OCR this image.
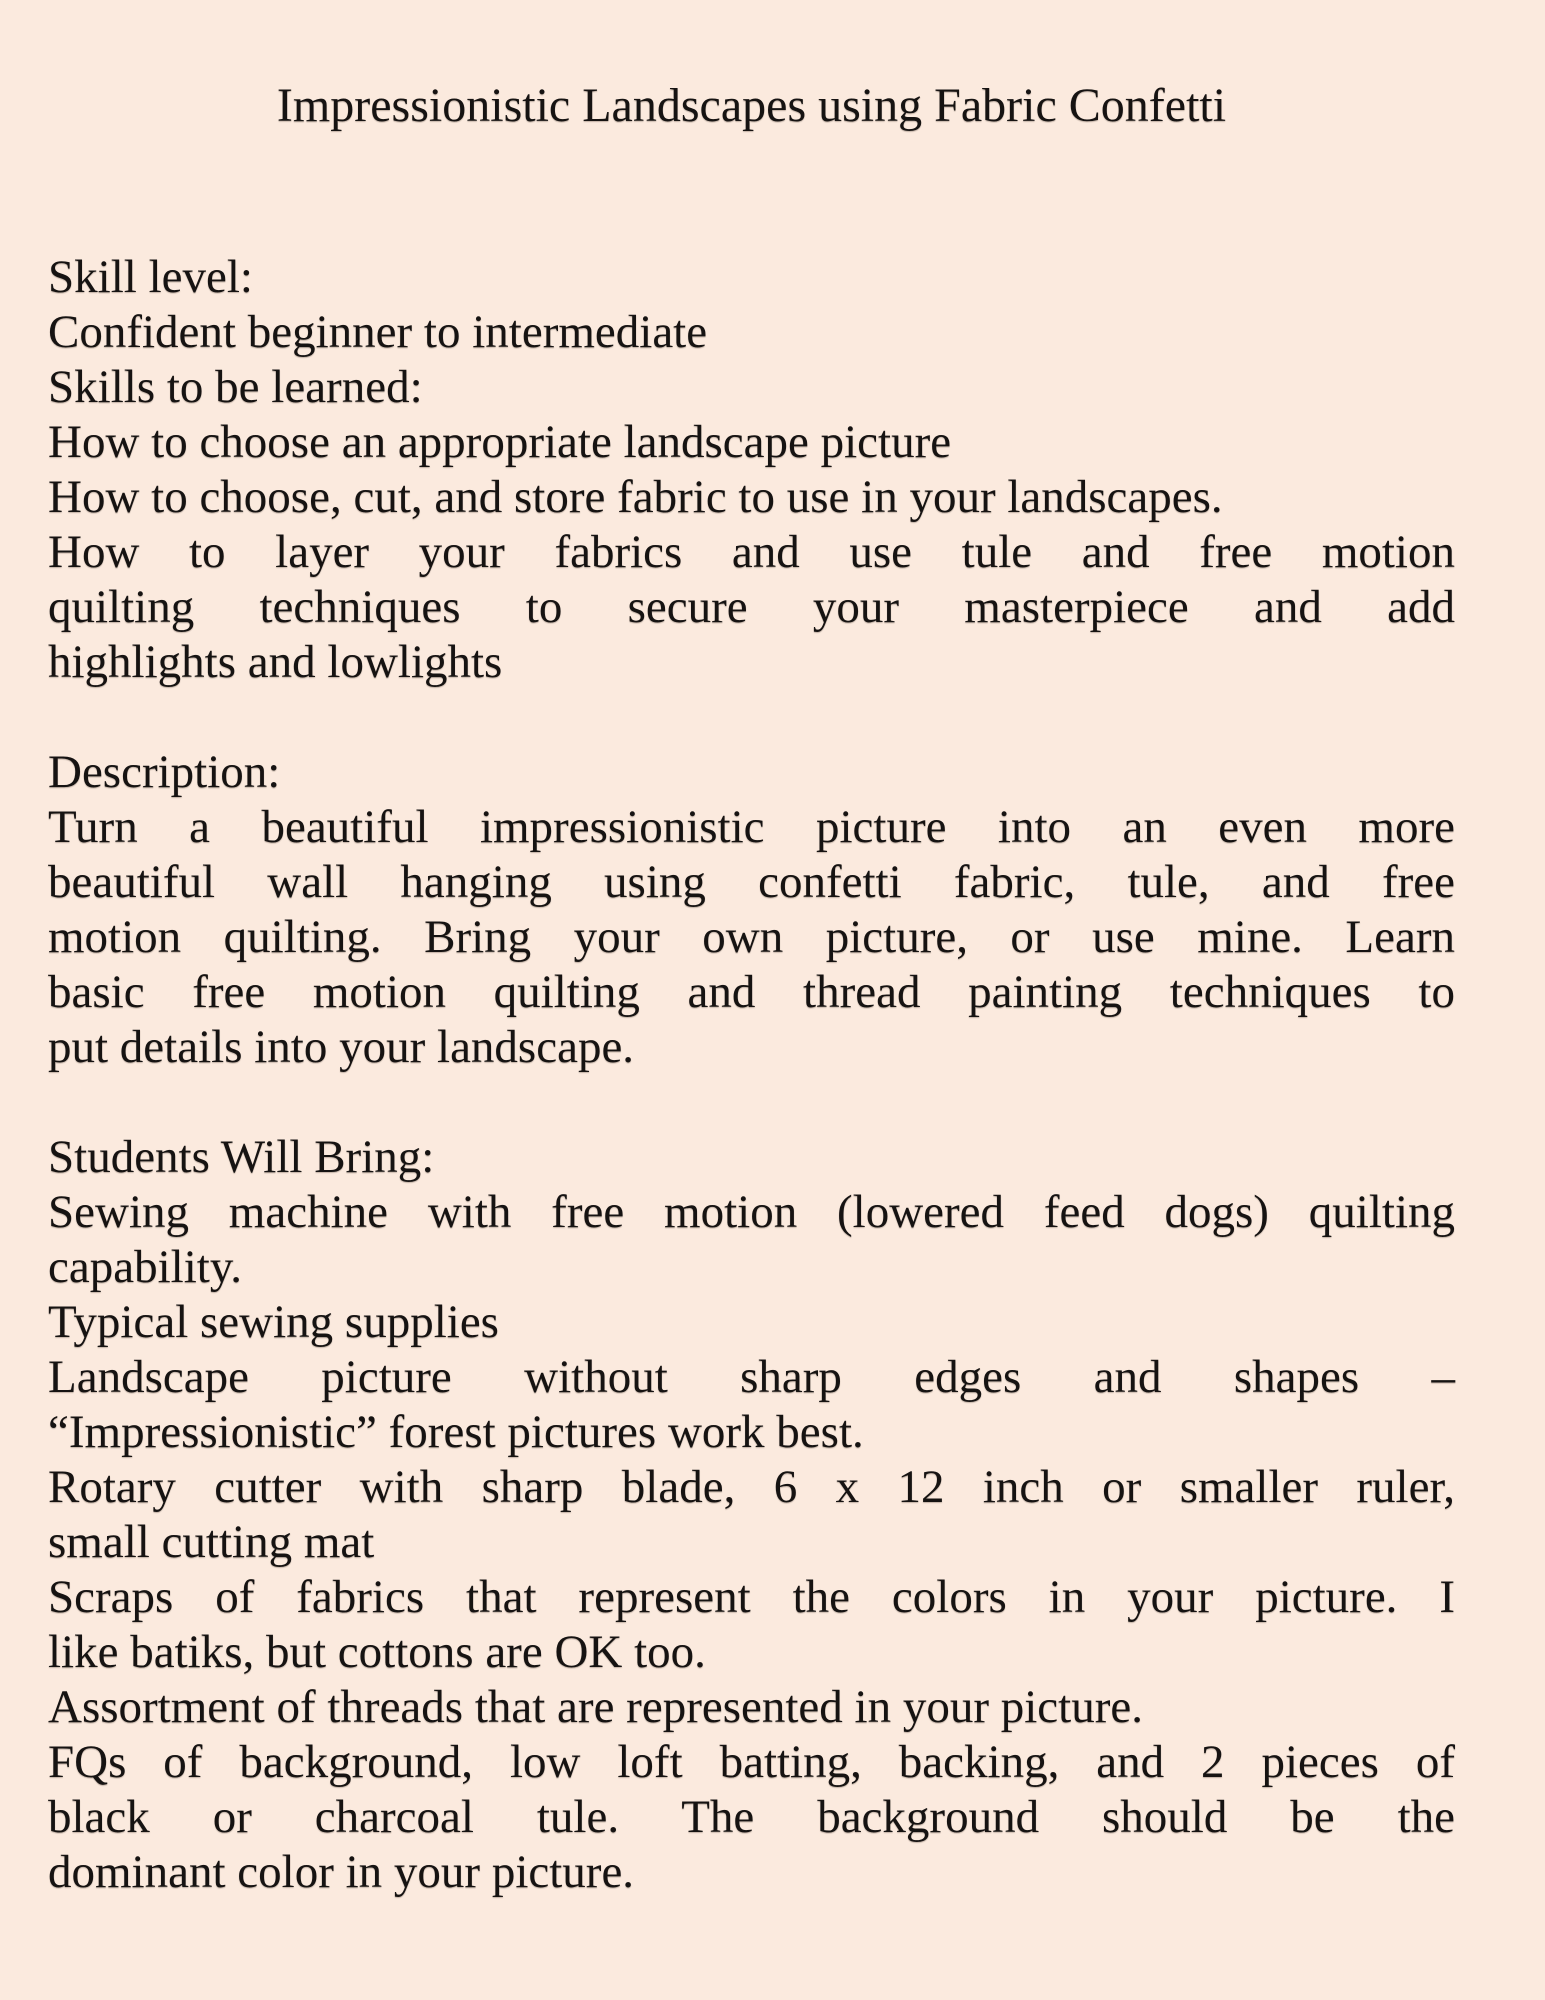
Impressionistic Landscapes using Fabric Confetti
Skill level:
Confident beginner to intermediate
Skills to be learned:
How to choose an appropriate landscape picture
How to choose, cut, and store fabric to use in your landscapes.
How to layer your fabrics and use tule and free motion
quilting techniques to secure your masterpiece and add
highlights and lowlights
Description:
Turn a beautiful impressionistic picture into an even more
beautiful wall hanging using confetti fabric, tule, and free
motion quilting. Bring your own picture, or use mine. Learn
basic free motion quilting and thread painting techniques to
put details into your landscape.
Students Will Bring:
Sewing machine with free motion (lowered feed dogs) quilting
capability.
Typical sewing supplies
Landscape picture without sharp edges and shapes –
“Impressionistic” forest pictures work best.
Rotary cutter with sharp blade, 6 x 12 inch or smaller ruler,
small cutting mat
Scraps of fabrics that represent the colors in your picture. I
like batiks, but cottons are OK too.
Assortment of threads that are represented in your picture.
FQs of background, low loft batting, backing, and 2 pieces of
black or charcoal tule. The background should be the
dominant color in your picture.
